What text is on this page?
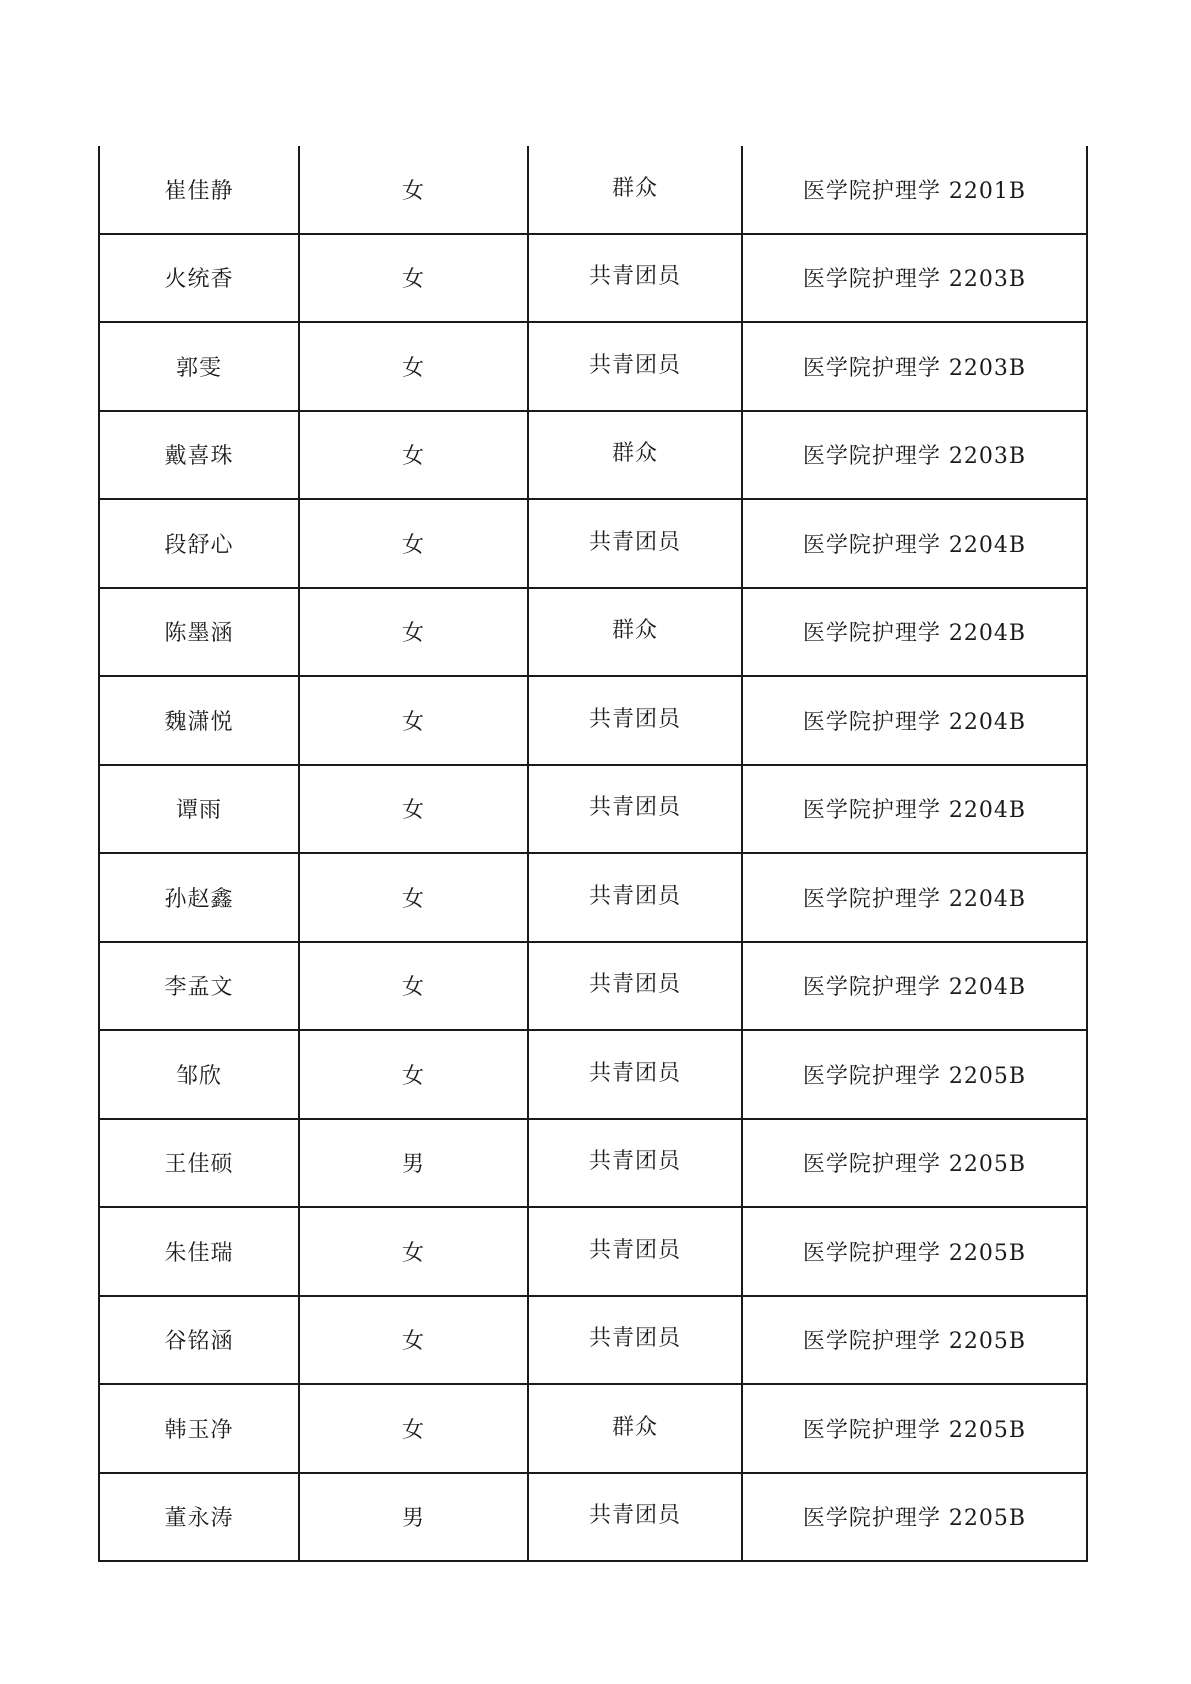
崔佳静	女	群众	医学院护理学 2201B
火统香	女	共青团员	医学院护理学 2203B
郭雯	女	共青团员	医学院护理学 2203B
戴喜珠	女	群众	医学院护理学 2203B
段舒心	女	共青团员	医学院护理学 2204B
陈墨涵	女	群众	医学院护理学 2204B
魏潇悦	女	共青团员	医学院护理学 2204B
谭雨	女	共青团员	医学院护理学 2204B
孙赵鑫	女	共青团员	医学院护理学 2204B
李孟文	女	共青团员	医学院护理学 2204B
邹欣	女	共青团员	医学院护理学 2205B
王佳硕	男	共青团员	医学院护理学 2205B
朱佳瑞	女	共青团员	医学院护理学 2205B
谷铭涵	女	共青团员	医学院护理学 2205B
韩玉净	女	群众	医学院护理学 2205B
董永涛	男	共青团员	医学院护理学 2205B
